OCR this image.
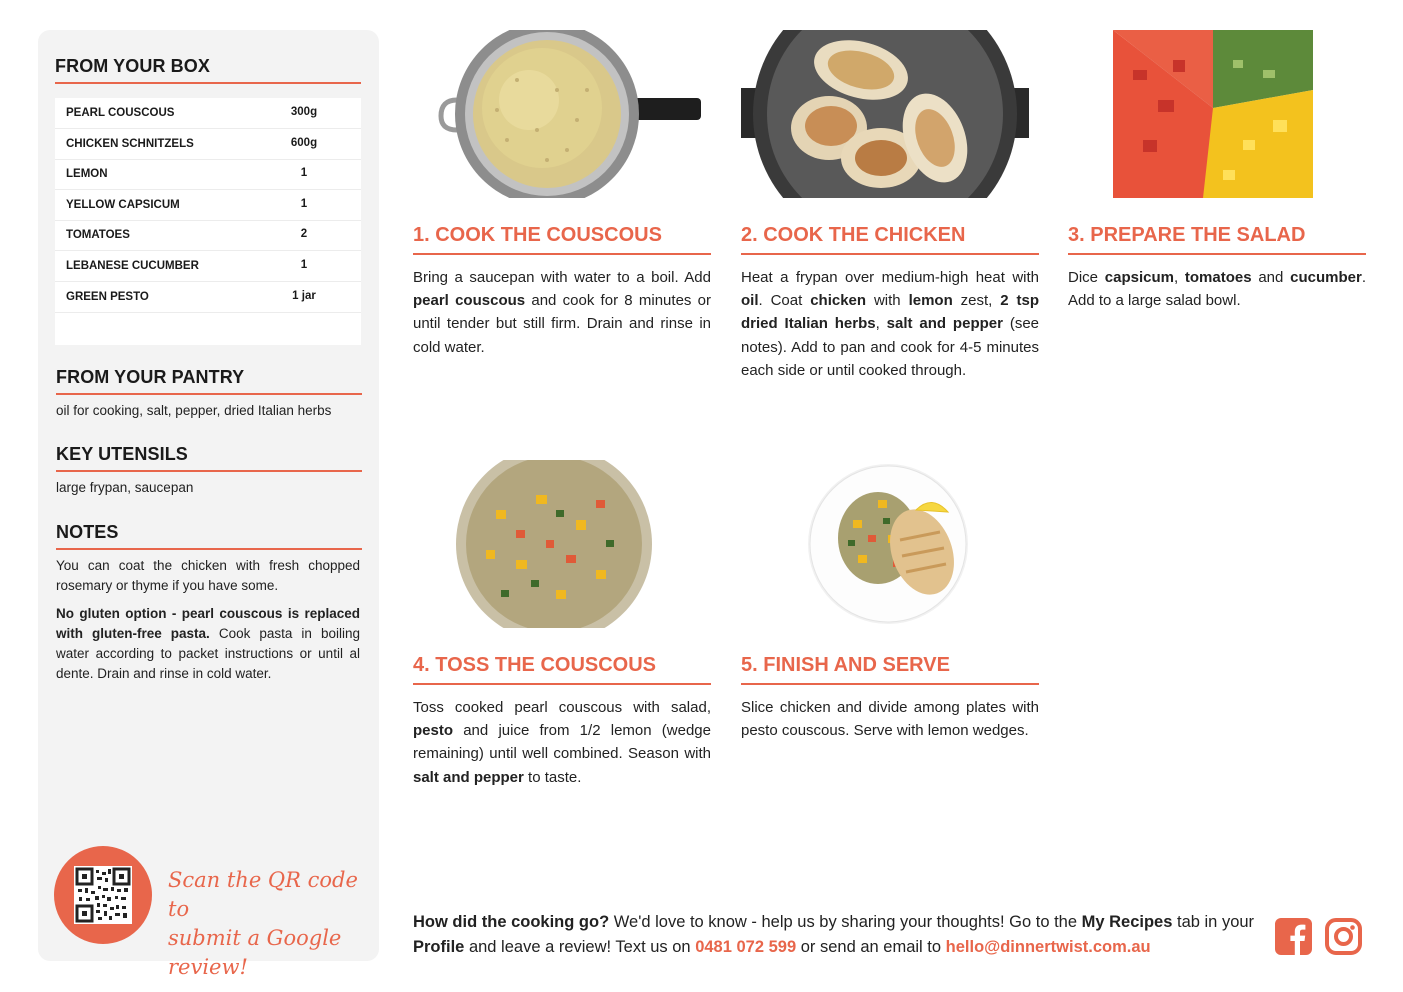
FROM YOUR BOX
PEARL COUSCOUS	300g
CHICKEN SCHNITZELS	600g
LEMON	1
YELLOW CAPSICUM	1
TOMATOES	2
LEBANESE CUCUMBER	1
GREEN PESTO	1 jar
FROM YOUR PANTRY
oil for cooking, salt, pepper, dried Italian herbs
KEY UTENSILS
large frypan, saucepan
NOTES
You can coat the chicken with fresh chopped rosemary or thyme if you have some.
No gluten option - pearl couscous is replaced with gluten-free pasta. Cook pasta in boiling water according to packet instructions or until al dente. Drain and rinse in cold water.
Scan the QR code to
submit a Google review!
1. COOK THE COUSCOUS
Bring a saucepan with water to a boil. Add pearl couscous and cook for 8 minutes or until tender but still firm. Drain and rinse in cold water.
2. COOK THE CHICKEN
Heat a frypan over medium-high heat with oil. Coat chicken with lemon zest, 2 tsp dried Italian herbs, salt and pepper (see notes). Add to pan and cook for 4-5 minutes each side or until cooked through.
3. PREPARE THE SALAD
Dice capsicum, tomatoes and cucumber. Add to a large salad bowl.
4. TOSS THE COUSCOUS
Toss cooked pearl couscous with salad, pesto and juice from 1/2 lemon (wedge remaining) until well combined. Season with salt and pepper to taste.
5. FINISH AND SERVE
Slice chicken and divide among plates with pesto couscous. Serve with lemon wedges.
How did the cooking go? We'd love to know - help us by sharing your thoughts! Go to the My Recipes tab in your Profile and leave a review! Text us on 0481 072 599 or send an email to hello@dinnertwist.com.au
